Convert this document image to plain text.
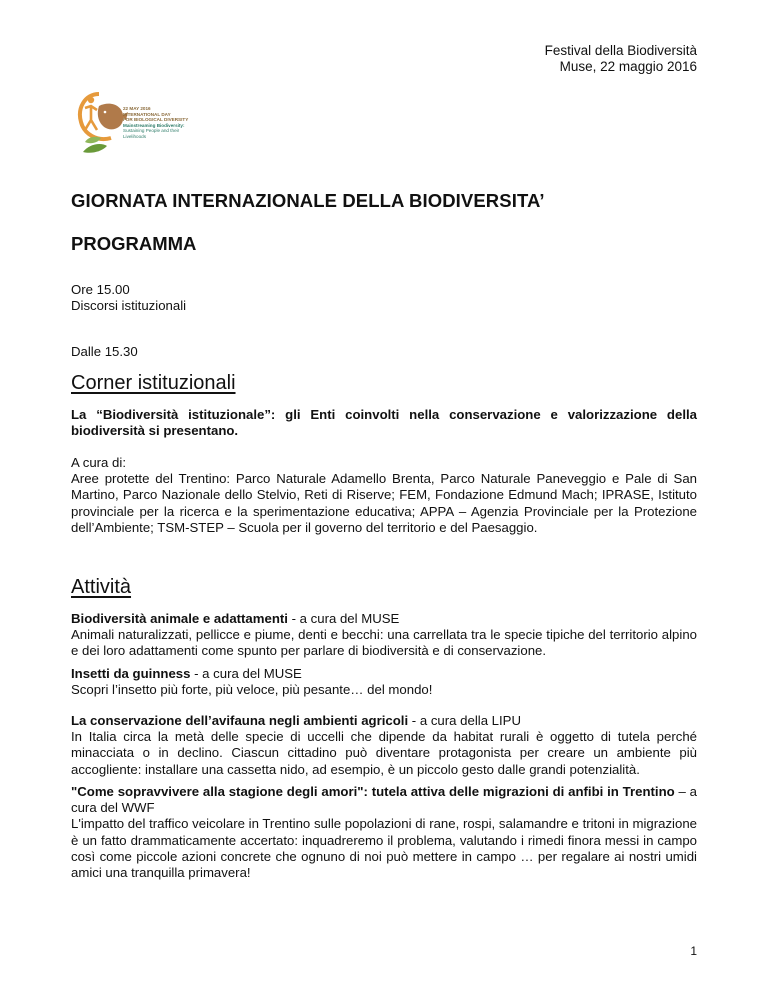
Festival della Biodiversità
Muse, 22 maggio 2016
22 MAY 2016
INTERNATIONAL DAY
FOR BIOLOGICAL DIVERSITY
Mainstreaming Biodiversity:
Sustaining People and their Livelihoods
GIORNATA INTERNAZIONALE DELLA BIODIVERSITA’
PROGRAMMA
Ore 15.00
Discorsi istituzionali
Dalle 15.30
Corner istituzionali
La “Biodiversità istituzionale”: gli Enti coinvolti nella conservazione e valorizzazione della biodiversità si presentano.
A cura di:
Aree protette del Trentino: Parco Naturale Adamello Brenta, Parco Naturale Paneveggio e Pale di San Martino, Parco Nazionale dello Stelvio, Reti di Riserve; FEM, Fondazione Edmund Mach; IPRASE, Istituto provinciale per la ricerca e la sperimentazione educativa; APPA – Agenzia Provinciale per la Protezione dell’Ambiente; TSM-STEP – Scuola per il governo del territorio e del Paesaggio.
Attività
Biodiversità animale e adattamenti - a cura del MUSE
Animali naturalizzati, pellicce e piume, denti e becchi: una carrellata tra le specie tipiche del territorio alpino e dei loro adattamenti come spunto per parlare di biodiversità e di conservazione.
Insetti da guinness - a cura del MUSE
Scopri l’insetto più forte, più veloce, più pesante… del mondo!
La conservazione dell’avifauna negli ambienti agricoli - a cura della LIPU
In Italia circa la metà delle specie di uccelli che dipende da habitat rurali è oggetto di tutela perché minacciata o in declino. Ciascun cittadino può diventare protagonista per creare un ambiente più accogliente: installare una cassetta nido, ad esempio, è un piccolo gesto dalle grandi potenzialità.
"Come sopravvivere alla stagione degli amori": tutela attiva delle migrazioni di anfibi in Trentino – a cura del WWF
L'impatto del traffico veicolare in Trentino sulle popolazioni di rane, rospi, salamandre e tritoni in migrazione è un fatto drammaticamente accertato: inquadreremo il problema, valutando i rimedi finora messi in campo così come piccole azioni concrete che ognuno di noi può mettere in campo … per regalare ai nostri umidi amici una tranquilla primavera!
1
